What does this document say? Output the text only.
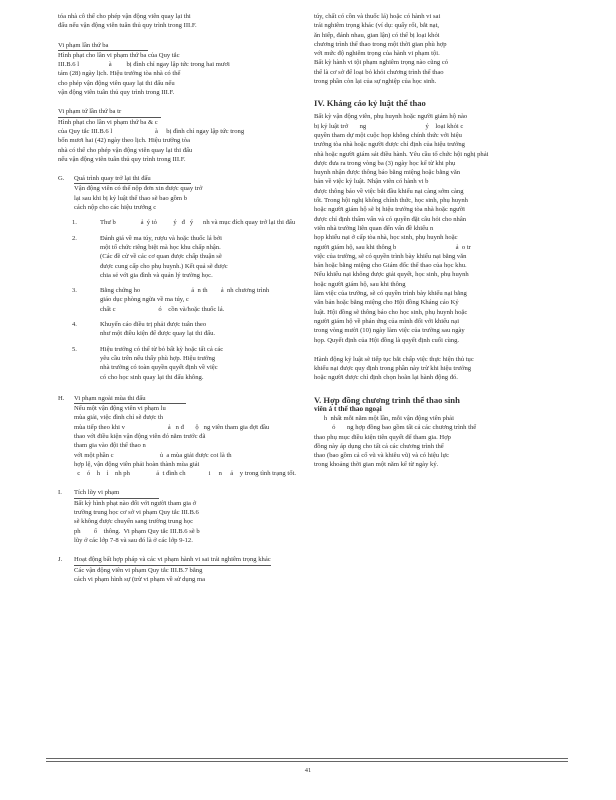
tóa nhà cô thể cho phép vận động viên quay lại thi
đấu nếu vận động viên tuân thủ quy trình trong III.F.
Vi phạm lần thứ ba
Hình phạt cho lần vi phạm thứ ba của Quy tắc
III.B.6 l                  à         bị đình chỉ ngay lập tức trong hai mươi
tám (28) ngày lịch. Hiệu trưởng tòa nhà có thể
cho phép vận động viên quay lại thi đấu nếu
vận động viên tuân thủ quy trình trong III.F.
Vi phạm tứ lần thứ ba tr
Hình phạt cho lần vi phạm thứ ba & c
của Quy tắc III.B.6 l                          à     bị đình chỉ ngay lập tức trong
bốn mươi hai (42) ngày theo lịch. Hiệu trưởng tòa
nhà có thể cho phép vận động viên quay lại thi đấu
nếu vận động viên tuân thủ quy trình trong III.F.
G.	Quá trình quay trở lại thi đấu
Vận động viên có thể nộp đơn xin được quay trở
lại sau khi bị kỷ luật thể thao sẽ bao gồm b
cách nộp cho các hiệu trưởng c
1.	Thư b               ả  ý tỏ          ý   đ   ý      nh và mục đích quay trở lại thi đấu
2.	Đánh giá về ma túy, rượu và hoặc thuốc lá bởi
một tổ chức riêng biệt mà học khu chấp nhận.
(Các đề cử về các cơ quan được chấp thuận sẽ
được cung cấp cho phụ huynh.) Kết quả sẽ được
chia sẻ với gia đình và quản lý trường học.
3.	Bằng chứng ho                               ả  n th        ả  nh chương trình
giáo dục phòng ngừa về ma túy, c
chất c                          ó    cồn và/hoặc thuốc lá.
4.	Khuyến cáo điều trị phải được tuân theo
như một điều kiện để được quay lại thi đấu.
5.	Hiệu trưởng có thể từ bỏ bất kỳ hoặc tất cả các
yêu cầu trên nếu thấy phù hợp. Hiệu trưởng
nhà trường có toàn quyền quyết định về việc
có cho học sinh quay lại thi đấu không.
H.	Vi phạm ngoài mùa thi đấu
Nếu một vận động viên vi phạm lu
mùa giải, việc đình chỉ sẽ được th
mùa tiếp theo khi v                          ả   n đ       ộ   ng viên tham gia đợt đầu
thao với điều kiện vận động viên đó nằm trước đã
tham gia vào đội thể thao n
với một phần c                            ủ  a mùa giải được coi là th
hợp lệ, vận động viên phải hoàn thành mùa giải
c    ó    h    ỉ    nh ph                ả  t đình ch              i     n     ả    y trong tình trạng tốt.
I.	Tích lũy vi phạm
Bất kỳ hình phạt nào đối với người tham gia ở
trường trung học cơ sở vi phạm Quy tắc III.B.6
sẽ không được chuyển sang trường trung học
ph        ổ    thông.  Vi phạm Quy tắc III.B.6 sẽ b
lũy ở các lớp 7-8 và sau đó là ở các lớp 9-12.
J.	Hoạt động bất hợp pháp và các vi phạm hành vi sai trái nghiêm trọng khác
Các vận động viên vi phạm Quy tắc III.B.7 bằng
cách vi phạm hình sự (trừ vi phạm về sử dụng ma
túy, chất có cồn và thuốc lá) hoặc có hành vi sai
trái nghiêm trọng khác (ví dụ: quấy rối, bắt nạt,
ăn hiếp, đánh nhau, gian lận) có thể bị loại khỏi
chương trình thể thao trong một thời gian phù hợp
với mức độ nghiêm trọng của hành vi phạm tội.
Bất kỳ hành vi tội phạm nghiêm trọng nào cũng có
thể là cơ sở để loại bỏ khỏi chương trình thể thao
trong phần còn lại của sự nghiệp của học sinh.
IV. Kháng cáo kỷ luật thể thao
Bất kỳ vận động viên, phụ huynh hoặc người giám hộ nào
bị kỷ luật trở       ng                                    ý    loại khỏi c
quyền tham dự một cuộc họp không chính thức với hiệu
trưởng tòa nhà hoặc người được chỉ định của hiệu trưởng
nhà hoặc người giám sát điều hành. Yêu cầu tổ chức hội nghị phải
được đưa ra trong vòng ba (3) ngày học kể từ khi phụ
huynh nhận được thông báo bằng miệng hoặc bằng văn
bản về việc kỷ luật. Nhận viên có hành vi b
được thông báo về việc bắt đầu khiếu nại càng sớm càng
tốt. Trong hội nghị không chính thức, học sinh, phụ huynh
hoặc người giám hộ sẽ bị hiệu trưởng tòa nhà hoặc người
được chỉ định thẩm vấn và có quyền đặt câu hỏi cho nhân
viên nhà trường liên quan đến vấn đề khiếu n
họp khiếu nại ở cấp tòa nhà, học sinh, phụ huynh hoặc
người giám hộ, sau khi thông b                                    ả  o tr
việc của trường, sẽ có quyền trình bày khiếu nại bằng văn
bản hoặc bằng miệng cho Giám đốc thể thao của học khu.
Nếu khiếu nại không được giải quyết, học sinh, phụ huynh
hoặc người giám hộ, sau khi thông
làm việc của trường, sẽ có quyền trình bày khiếu nại bằng
văn bản hoặc bằng miệng cho Hội đồng Kháng cáo Kỷ
luật. Hội đồng sẽ thông báo cho học sinh, phụ huynh hoặc
người giám hộ về phán ứng của mình đối với khiếu nại
trong vòng mười (10) ngày làm việc của trường sau ngày
họp. Quyết định của Hội đồng là quyết định cuối cùng.
Hành động kỷ luật sẽ tiếp tục bắt chấp việc thực hiện thủ tục
khiếu nại được quy định trong phần này trừ khi hiệu trưởng
hoặc người được chỉ định chọn hoãn lại hành động đó.
V. Hợp đồng chương trình thể thao sinh
viên ả t thể thao ngoại
h  nhất mỗi năm một lần, mỗi vận động viên phải
ỏ       ng hợp đồng bao gồm tất cả các chương trình thể
thao phụ mục điều kiện tiên quyết để tham gia. Hợp
đồng này áp dụng cho tất cả các chương trình thể
thao (bao gồm cả cổ vũ và khiêu vũ) và có hiệu lực
trong khoảng thời gian một năm kể từ ngày ký.
41
